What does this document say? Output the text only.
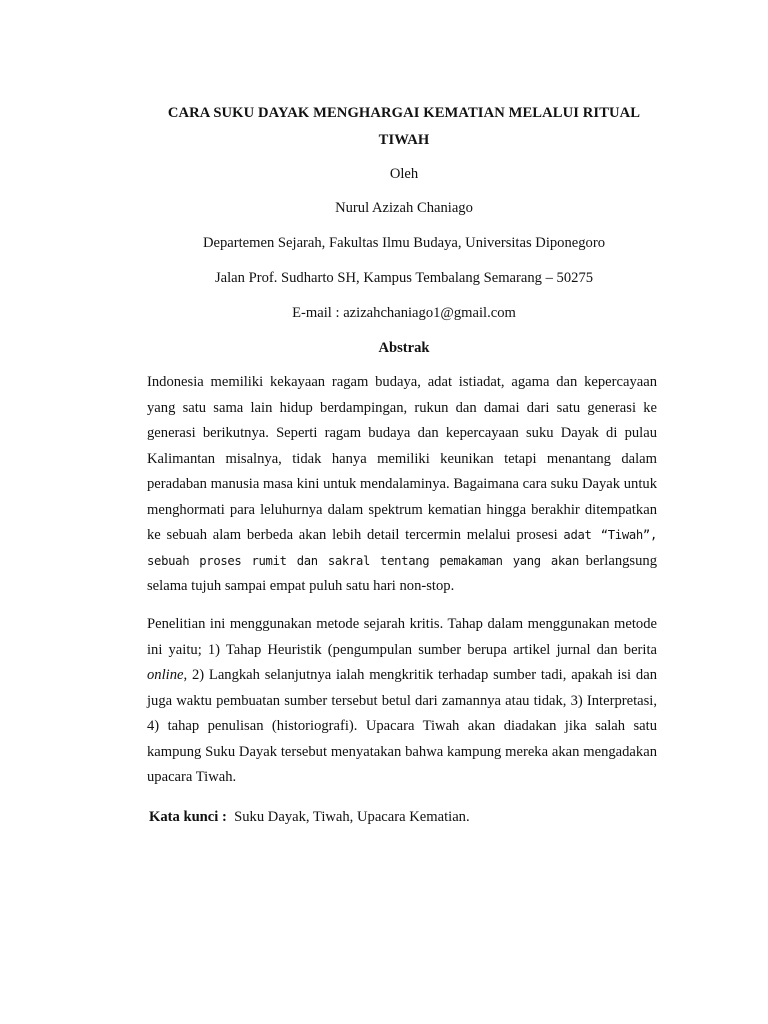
CARA SUKU DAYAK MENGHARGAI KEMATIAN MELALUI RITUAL
TIWAH
Oleh
Nurul Azizah Chaniago
Departemen Sejarah, Fakultas Ilmu Budaya, Universitas Diponegoro
Jalan Prof. Sudharto SH, Kampus Tembalang Semarang – 50275
E-mail : azizahchaniago1@gmail.com
Abstrak
Indonesia memiliki kekayaan ragam budaya, adat istiadat, agama dan kepercayaan yang satu sama lain hidup berdampingan, rukun dan damai dari satu generasi ke generasi berikutnya. Seperti ragam budaya dan kepercayaan suku Dayak di pulau Kalimantan misalnya, tidak hanya memiliki keunikan tetapi menantang dalam peradaban manusia masa kini untuk mendalaminya. Bagaimana cara suku Dayak untuk menghormati para leluhurnya dalam spektrum kematian hingga berakhir ditempatkan ke sebuah alam berbeda akan lebih detail tercermin melalui prosesi adat “Tiwah”, sebuah proses rumit dan sakral tentang pemakaman yang akan berlangsung selama tujuh sampai empat puluh satu hari non-stop.
Penelitian ini menggunakan metode sejarah kritis. Tahap dalam menggunakan metode ini yaitu; 1) Tahap Heuristik (pengumpulan sumber berupa artikel jurnal dan berita online, 2) Langkah selanjutnya ialah mengkritik terhadap sumber tadi, apakah isi dan juga waktu pembuatan sumber tersebut betul dari zamannya atau tidak, 3) Interpretasi, 4) tahap penulisan (historiografi). Upacara Tiwah akan diadakan jika salah satu kampung Suku Dayak tersebut menyatakan bahwa kampung mereka akan mengadakan upacara Tiwah.
Kata kunci : Suku Dayak, Tiwah, Upacara Kematian.
